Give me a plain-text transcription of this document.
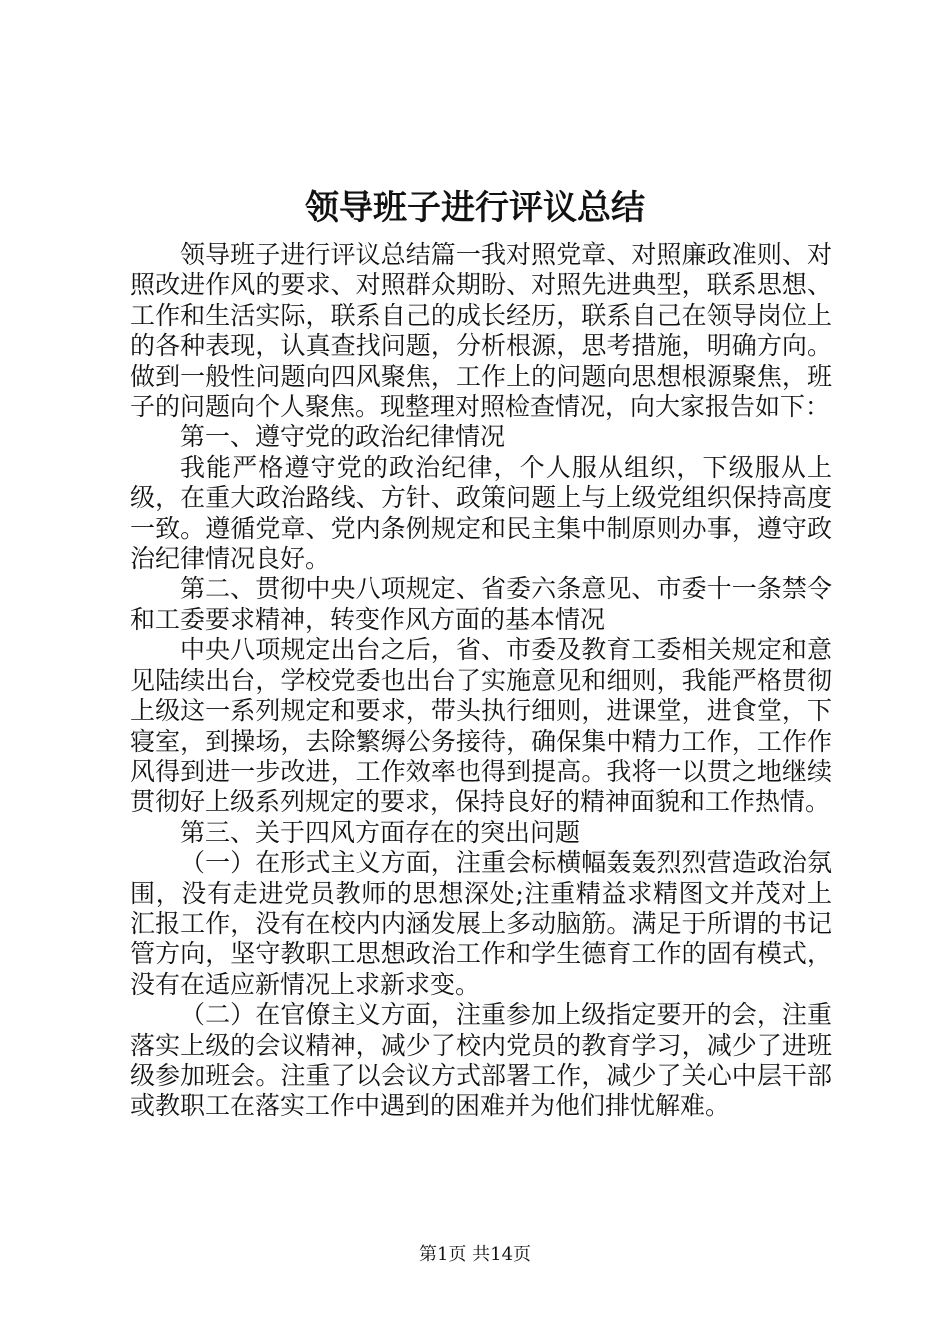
领导班子进行评议总结

领导班子进行评议总结篇一我对照党章、对照廉政准则、对照改进作风的要求、对照群众期盼、对照先进典型，联系思想、工作和生活实际，联系自己的成长经历，联系自己在领导岗位上的各种表现，认真查找问题，分析根源，思考措施，明确方向。做到一般性问题向四风聚焦，工作上的问题向思想根源聚焦，班子的问题向个人聚焦。现整理对照检查情况，向大家报告如下：

第一、遵守党的政治纪律情况

我能严格遵守党的政治纪律，个人服从组织，下级服从上级，在重大政治路线、方针、政策问题上与上级党组织保持高度一致。遵循党章、党内条例规定和民主集中制原则办事，遵守政治纪律情况良好。

第二、贯彻中央八项规定、省委六条意见、市委十一条禁令和工委要求精神，转变作风方面的基本情况

中央八项规定出台之后，省、市委及教育工委相关规定和意见陆续出台，学校党委也出台了实施意见和细则，我能严格贯彻上级这一系列规定和要求，带头执行细则，进课堂，进食堂，下寝室，到操场，去除繁缛公务接待，确保集中精力工作，工作作风得到进一步改进，工作效率也得到提高。我将一以贯之地继续贯彻好上级系列规定的要求，保持良好的精神面貌和工作热情。

第三、关于四风方面存在的突出问题

（一）在形式主义方面，注重会标横幅轰轰烈烈营造政治氛围，没有走进党员教师的思想深处;注重精益求精图文并茂对上汇报工作，没有在校内内涵发展上多动脑筋。满足于所谓的书记管方向，坚守教职工思想政治工作和学生德育工作的固有模式，没有在适应新情况上求新求变。

（二）在官僚主义方面，注重参加上级指定要开的会，注重落实上级的会议精神，减少了校内党员的教育学习，减少了进班级参加班会。注重了以会议方式部署工作，减少了关心中层干部或教职工在落实工作中遇到的困难并为他们排忧解难。

第1页 共14页
